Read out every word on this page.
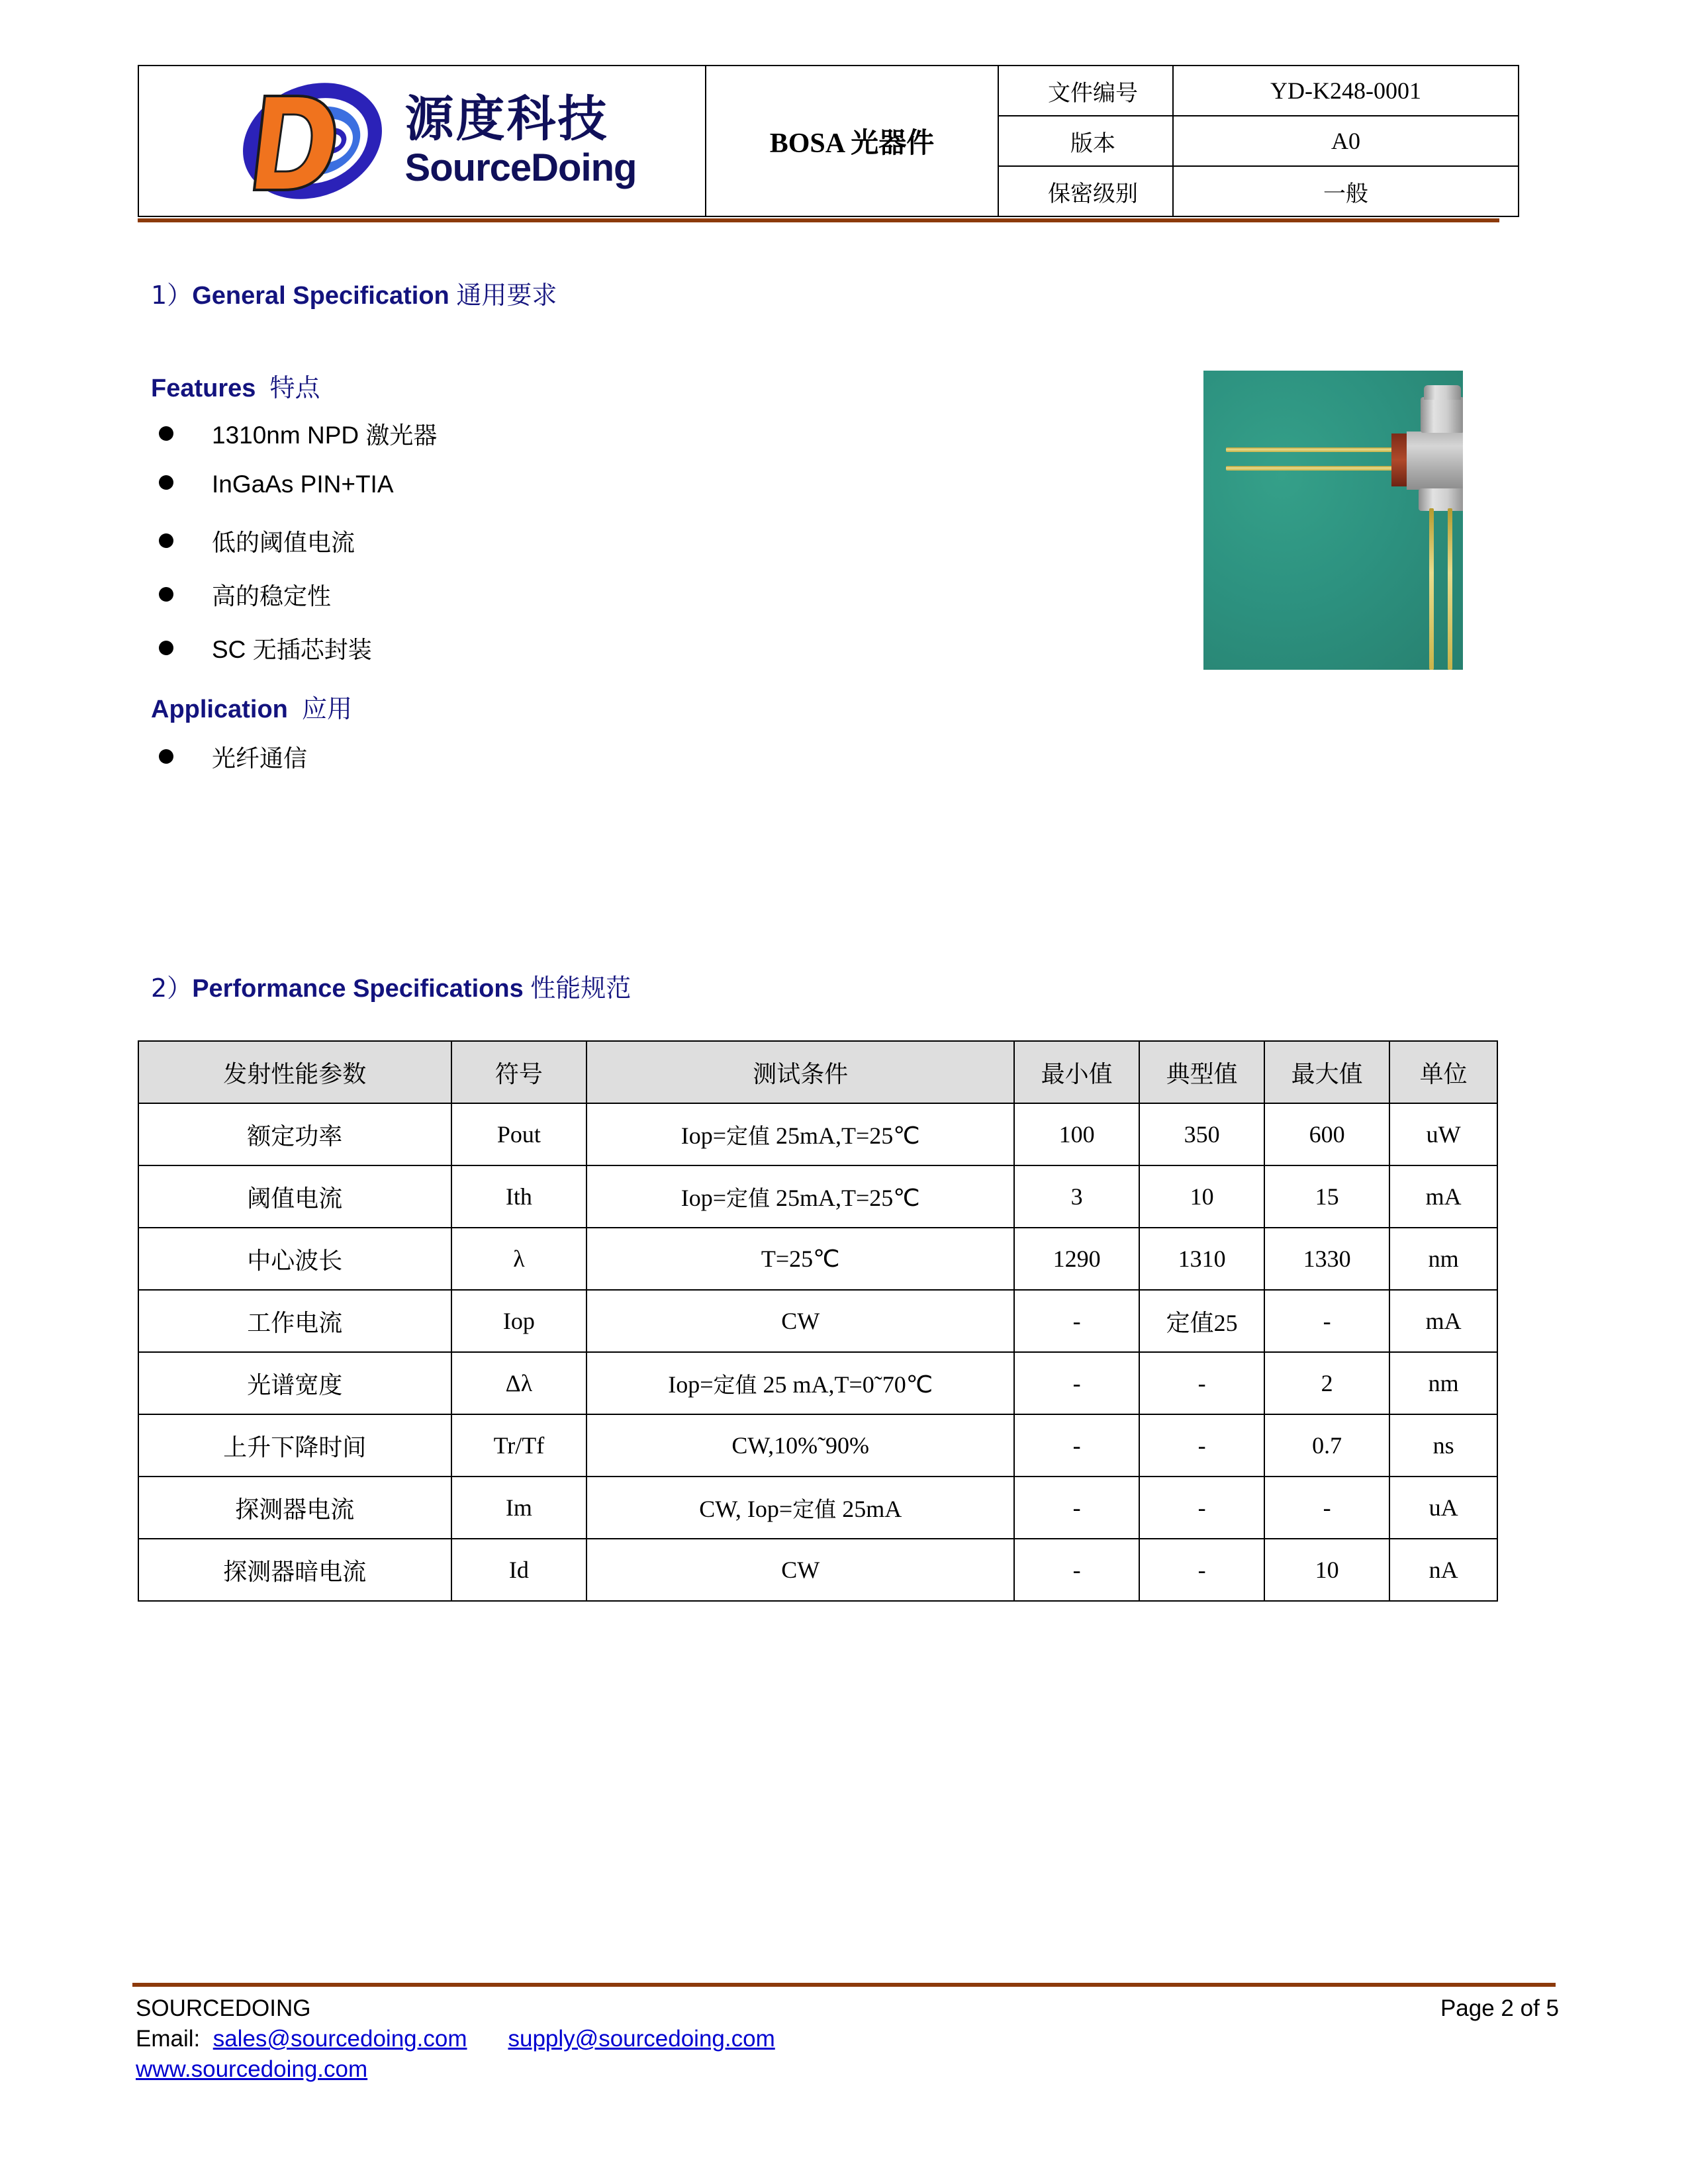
源度科技
SourceDoing	BOSA 光器件	文件编号	YD-K248-0001
		版本	A0
		保密级别	一般
1）General Specification 通用要求
Features 特点
1310nm NPD 激光器
InGaAs PIN+TIA
低的阈值电流
高的稳定性
SC 无插芯封装
Application 应用
光纤通信
2）Performance Specifications 性能规范
发射性能参数	符号	测试条件	最小值	典型值	最大值	单位
额定功率	Pout	Iop=定值 25mA,T=25℃	100	350	600	uW
阈值电流	Ith	Iop=定值 25mA,T=25℃	3	10	15	mA
中心波长	λ	T=25℃	1290	1310	1330	nm
工作电流	Iop	CW	-	定值25	-	mA
光谱宽度	Δλ	Iop=定值 25 mA,T=0˜70℃	-	-	2	nm
上升下降时间	Tr/Tf	CW,10%˜90%	-	-	0.7	ns
探测器电流	Im	CW, Iop=定值 25mA	-	-	-	uA
探测器暗电流	Id	CW	-	-	10	nA
SOURCEDOING	Page 2 of 5
Email: sales@sourcedoing.com supply@sourcedoing.com
www.sourcedoing.com
